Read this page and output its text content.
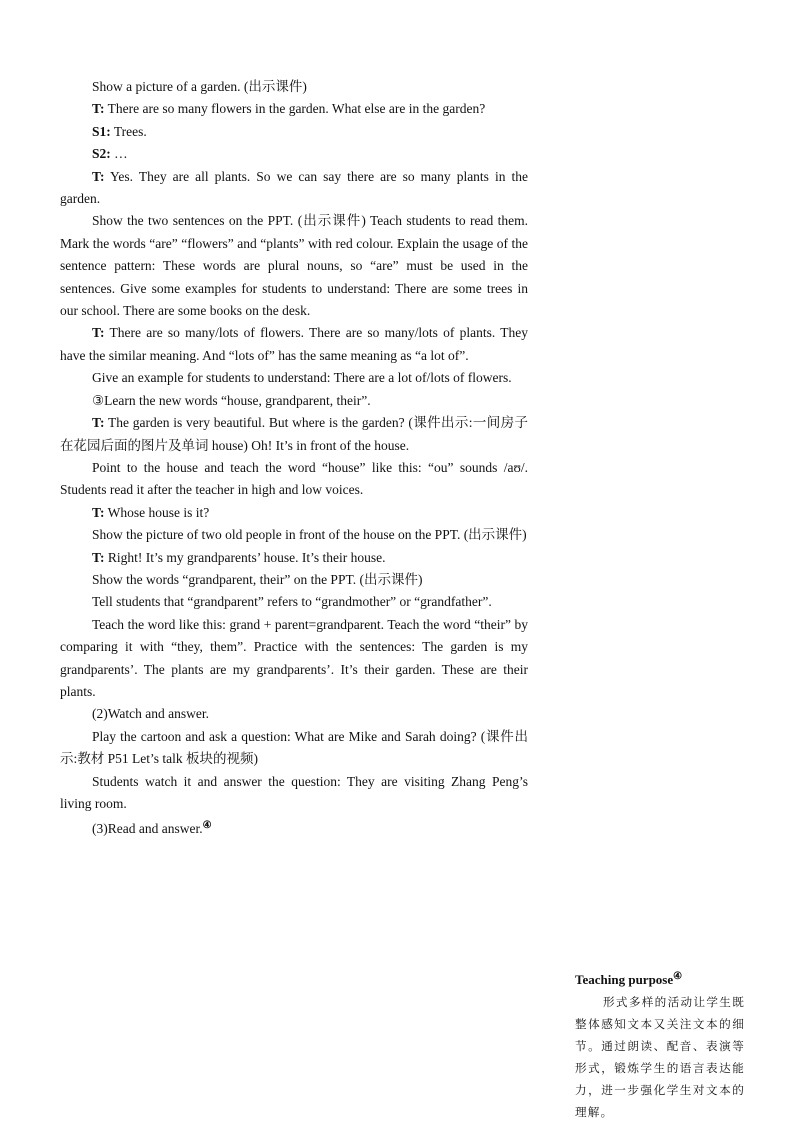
Show a picture of a garden. (出示课件)

T: There are so many flowers in the garden. What else are in the garden?

S1: Trees.

S2: …

T: Yes. They are all plants. So we can say there are so many plants in the garden.

Show the two sentences on the PPT. (出示课件) Teach students to read them. Mark the words “are” “flowers” and “plants” with red colour. Explain the usage of the sentence pattern: These words are plural nouns, so “are” must be used in the sentences. Give some examples for students to understand: There are some trees in our school. There are some books on the desk.

T: There are so many/lots of flowers. There are so many/lots of plants. They have the similar meaning. And “lots of” has the same meaning as “a lot of”.

Give an example for students to understand: There are a lot of/lots of flowers.

③Learn the new words “house, grandparent, their”.

T: The garden is very beautiful. But where is the garden? (课件出示:一间房子在花园后面的图片及单词 house) Oh! It’s in front of the house.

Point to the house and teach the word “house” like this: “ou” sounds /aʊ/. Students read it after the teacher in high and low voices.

T: Whose house is it?

Show the picture of two old people in front of the house on the PPT. (出示课件)

T: Right! It’s my grandparents’ house. It’s their house.

Show the words “grandparent, their” on the PPT. (出示课件)

Tell students that “grandparent” refers to “grandmother” or “grandfather”.

Teach the word like this: grand + parent=grandparent. Teach the word “their” by comparing it with “they, them”. Practice with the sentences: The garden is my grandparents’. The plants are my grandparents’. It’s their garden. These are their plants.

(2)Watch and answer.

Play the cartoon and ask a question: What are Mike and Sarah doing? (课件出示:教材 P51 Let’s talk 板块的视频)

Students watch it and answer the question: They are visiting Zhang Peng’s living room.

(3)Read and answer.④

Teaching purpose④
形式多样的活动让学生既整体感知文本又关注文本的细节。通过朗读、配音、表演等形式，锻炼学生的语言表达能力，进一步强化学生对文本的理解。
